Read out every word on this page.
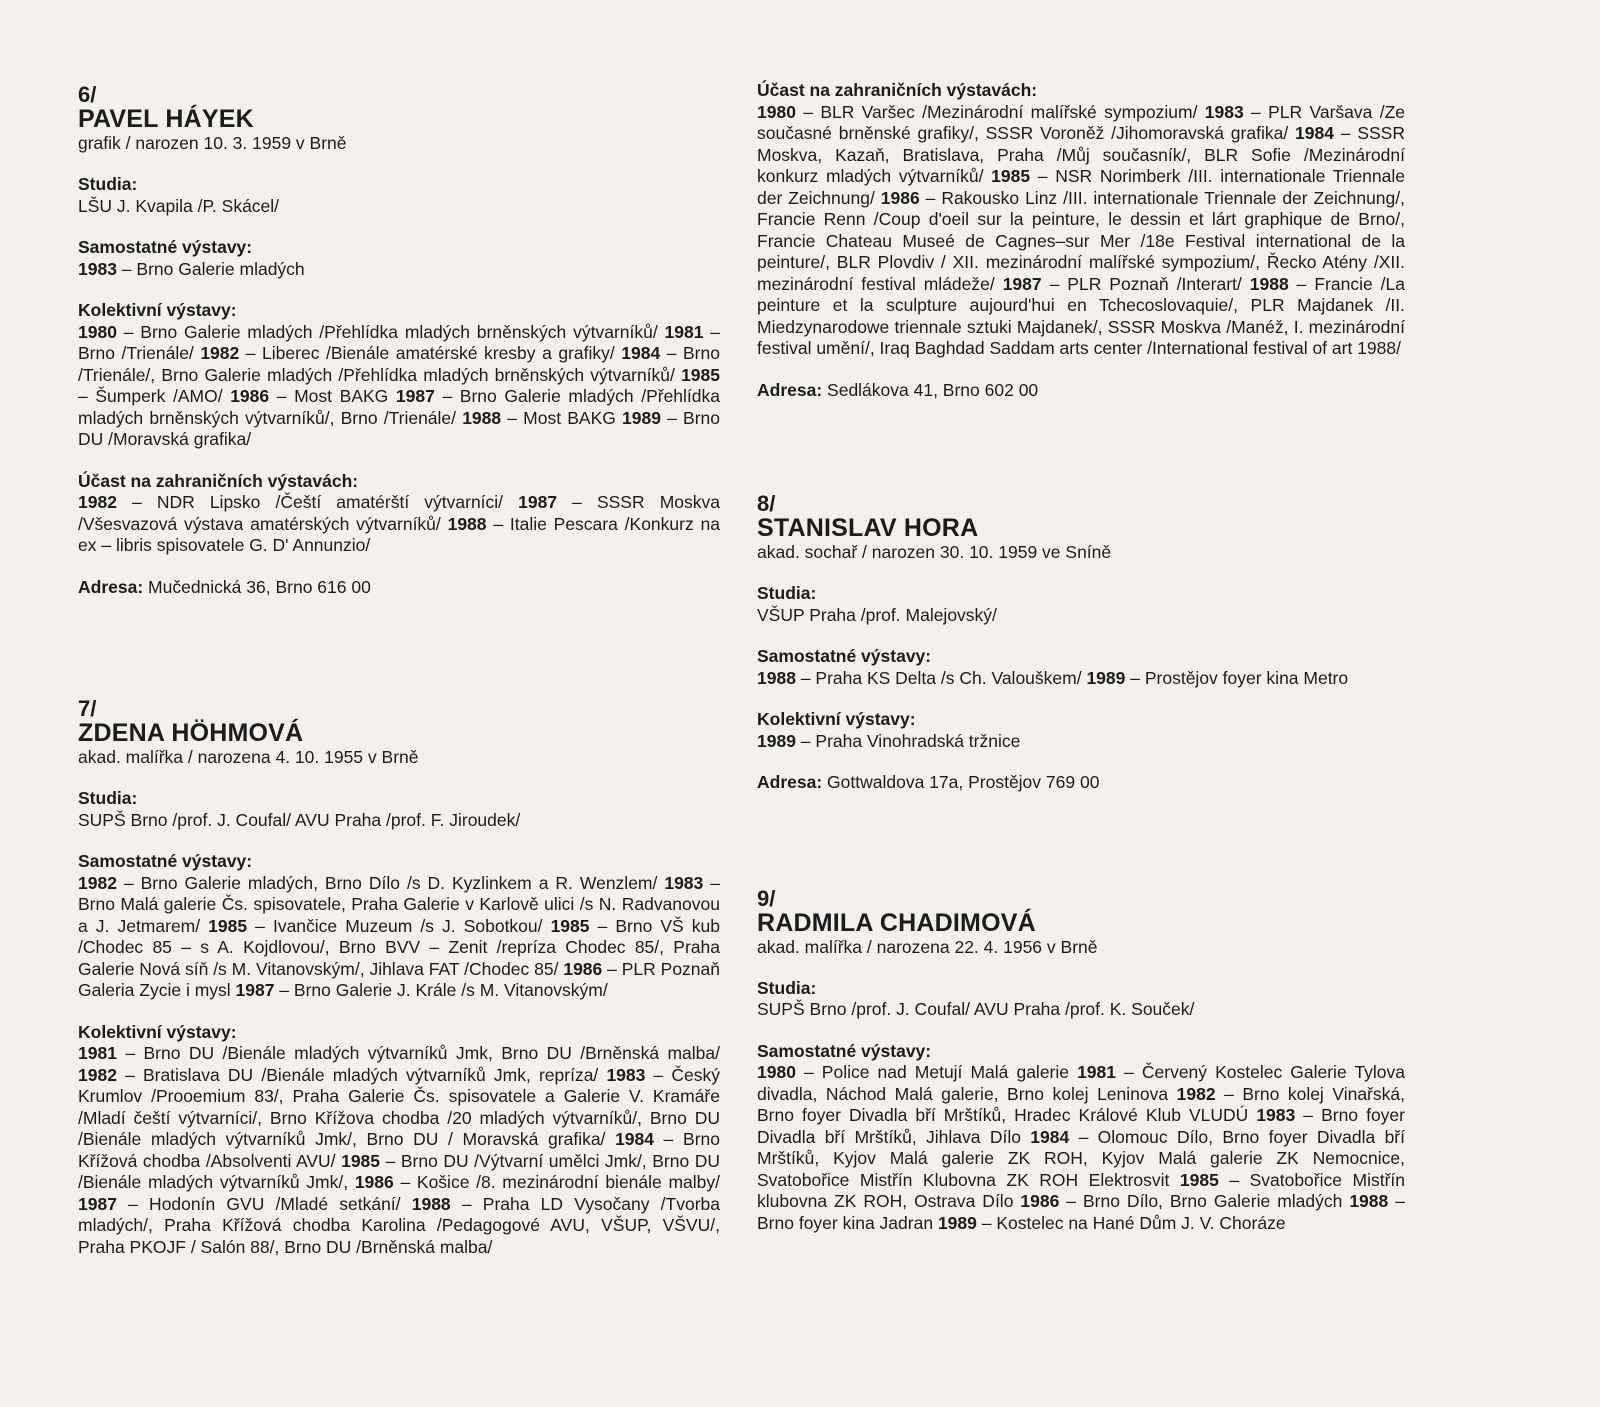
6/
PAVEL HÁYEK
grafik / narozen 10. 3. 1959 v Brně
Studia:
LŠU J. Kvapila /P. Skácel/
Samostatné výstavy:
1983 – Brno Galerie mladých
Kolektivní výstavy:
1980 – Brno Galerie mladých /Přehlídka mladých brněnských výtvarníků/ 1981 – Brno /Trienále/ 1982 – Liberec /Bienále amatérské kresby a grafiky/ 1984 – Brno /Trienále/, Brno Galerie mladých /Přehlídka mladých brněnských výtvarníků/ 1985 – Šumperk /AMO/ 1986 – Most BAKG 1987 – Brno Galerie mladých /Přehlídka mladých brněnských výtvarníků/, Brno /Trienále/ 1988 – Most BAKG 1989 – Brno DU /Moravská grafika/
Účast na zahraničních výstavách:
1982 – NDR Lipsko /Čeští amatérští výtvarníci/ 1987 – SSSR Moskva /Všesvazová výstava amatérských výtvarníků/ 1988 – Italie Pescara /Konkurz na ex – libris spisovatele G. D' Annunzio/
Adresa: Mučednická 36, Brno 616 00
7/
ZDENA HÖHMOVÁ
akad. malířka / narozena 4. 10. 1955 v Brně
Studia:
SUPŠ Brno /prof. J. Coufal/ AVU Praha /prof. F. Jiroudek/
Samostatné výstavy:
1982 – Brno Galerie mladých, Brno Dílo /s D. Kyzlinkem a R. Wenzlem/ 1983 – Brno Malá galerie Čs. spisovatele, Praha Galerie v Karlově ulici /s N. Radvanovou a J. Jetmarem/ 1985 – Ivančice Muzeum /s J. Sobotkou/ 1985 – Brno VŠ kub /Chodec 85 – s A. Kojdlovou/, Brno BVV – Zenit /repríza Chodec 85/, Praha Galerie Nová síň /s M. Vitanovským/, Jihlava FAT /Chodec 85/ 1986 – PLR Poznaň Galeria Zycie i mysl 1987 – Brno Galerie J. Krále /s M. Vitanovským/
Kolektivní výstavy:
1981 – Brno DU /Bienále mladých výtvarníků Jmk, Brno DU /Brněnská malba/ 1982 – Bratislava DU /Bienále mladých výtvarníků Jmk, repríza/ 1983 – Český Krumlov /Prooemium 83/, Praha Galerie Čs. spisovatele a Galerie V. Kramáře /Mladí čeští výtvarníci/, Brno Křížova chodba /20 mladých výtvarníků/, Brno DU /Bienále mladých výtvarníků Jmk/, Brno DU / Moravská grafika/ 1984 – Brno Křížová chodba /Absolventi AVU/ 1985 – Brno DU /Výtvarní umělci Jmk/, Brno DU /Bienále mladých výtvarníků Jmk/, 1986 – Košice /8. mezinárodní bienále malby/ 1987 – Hodonín GVU /Mladé setkání/ 1988 – Praha LD Vysočany /Tvorba mladých/, Praha Křížová chodba Karolina /Pedagogové AVU, VŠUP, VŠVU/, Praha PKOJF / Salón 88/, Brno DU /Brněnská malba/
Účast na zahraničních výstavách:
1980 – BLR Varšec /Mezinárodní malířské sympozium/ 1983 – PLR Varšava /Ze současné brněnské grafiky/, SSSR Voroněž /Jihomoravská grafika/ 1984 – SSSR Moskva, Kazaň, Bratislava, Praha /Můj současník/, BLR Sofie /Mezinárodní konkurz mladých výtvarníků/ 1985 – NSR Norimberk /III. internationale Triennale der Zeichnung/ 1986 – Rakousko Linz /III. internationale Triennale der Zeichnung/, Francie Renn /Coup d'oeil sur la peinture, le dessin et lárt graphique de Brno/, Francie Chateau Museé de Cagnes–sur Mer /18e Festival international de la peinture/, BLR Plovdiv / XII. mezinárodní malířské sympozium/, Řecko Atény /XII. mezinárodní festival mládeže/ 1987 – PLR Poznaň /Interart/ 1988 – Francie /La peinture et la sculpture aujourd'hui en Tchecoslovaquie/, PLR Majdanek /II. Miedzynarodowe triennale sztuki Majdanek/, SSSR Moskva /Manéž, I. mezinárodní festival umění/, Iraq Baghdad Saddam arts center /International festival of art 1988/
Adresa: Sedlákova 41, Brno 602 00
8/
STANISLAV HORA
akad. sochař / narozen 30. 10. 1959 ve Sníně
Studia:
VŠUP Praha /prof. Malejovský/
Samostatné výstavy:
1988 – Praha KS Delta /s Ch. Valouškem/ 1989 – Prostějov foyer kina Metro
Kolektivní výstavy:
1989 – Praha Vinohradská tržnice
Adresa: Gottwaldova 17a, Prostějov 769 00
9/
RADMILA CHADIMOVÁ
akad. malířka / narozena 22. 4. 1956 v Brně
Studia:
SUPŠ Brno /prof. J. Coufal/ AVU Praha /prof. K. Souček/
Samostatné výstavy:
1980 – Police nad Metují Malá galerie 1981 – Červený Kostelec Galerie Tylova divadla, Náchod Malá galerie, Brno kolej Leninova 1982 – Brno kolej Vinařská, Brno foyer Divadla bří Mrštíků, Hradec Králové Klub VLUDÚ 1983 – Brno foyer Divadla bří Mrštíků, Jihlava Dílo 1984 – Olomouc Dílo, Brno foyer Divadla bří Mrštíků, Kyjov Malá galerie ZK ROH, Kyjov Malá galerie ZK Nemocnice, Svatobořice Mistřín Klubovna ZK ROH Elektrosvit 1985 – Svatobořice Mistřín klubovna ZK ROH, Ostrava Dílo 1986 – Brno Dílo, Brno Galerie mladých 1988 – Brno foyer kina Jadran 1989 – Kostelec na Hané Dům J. V. Choráze
